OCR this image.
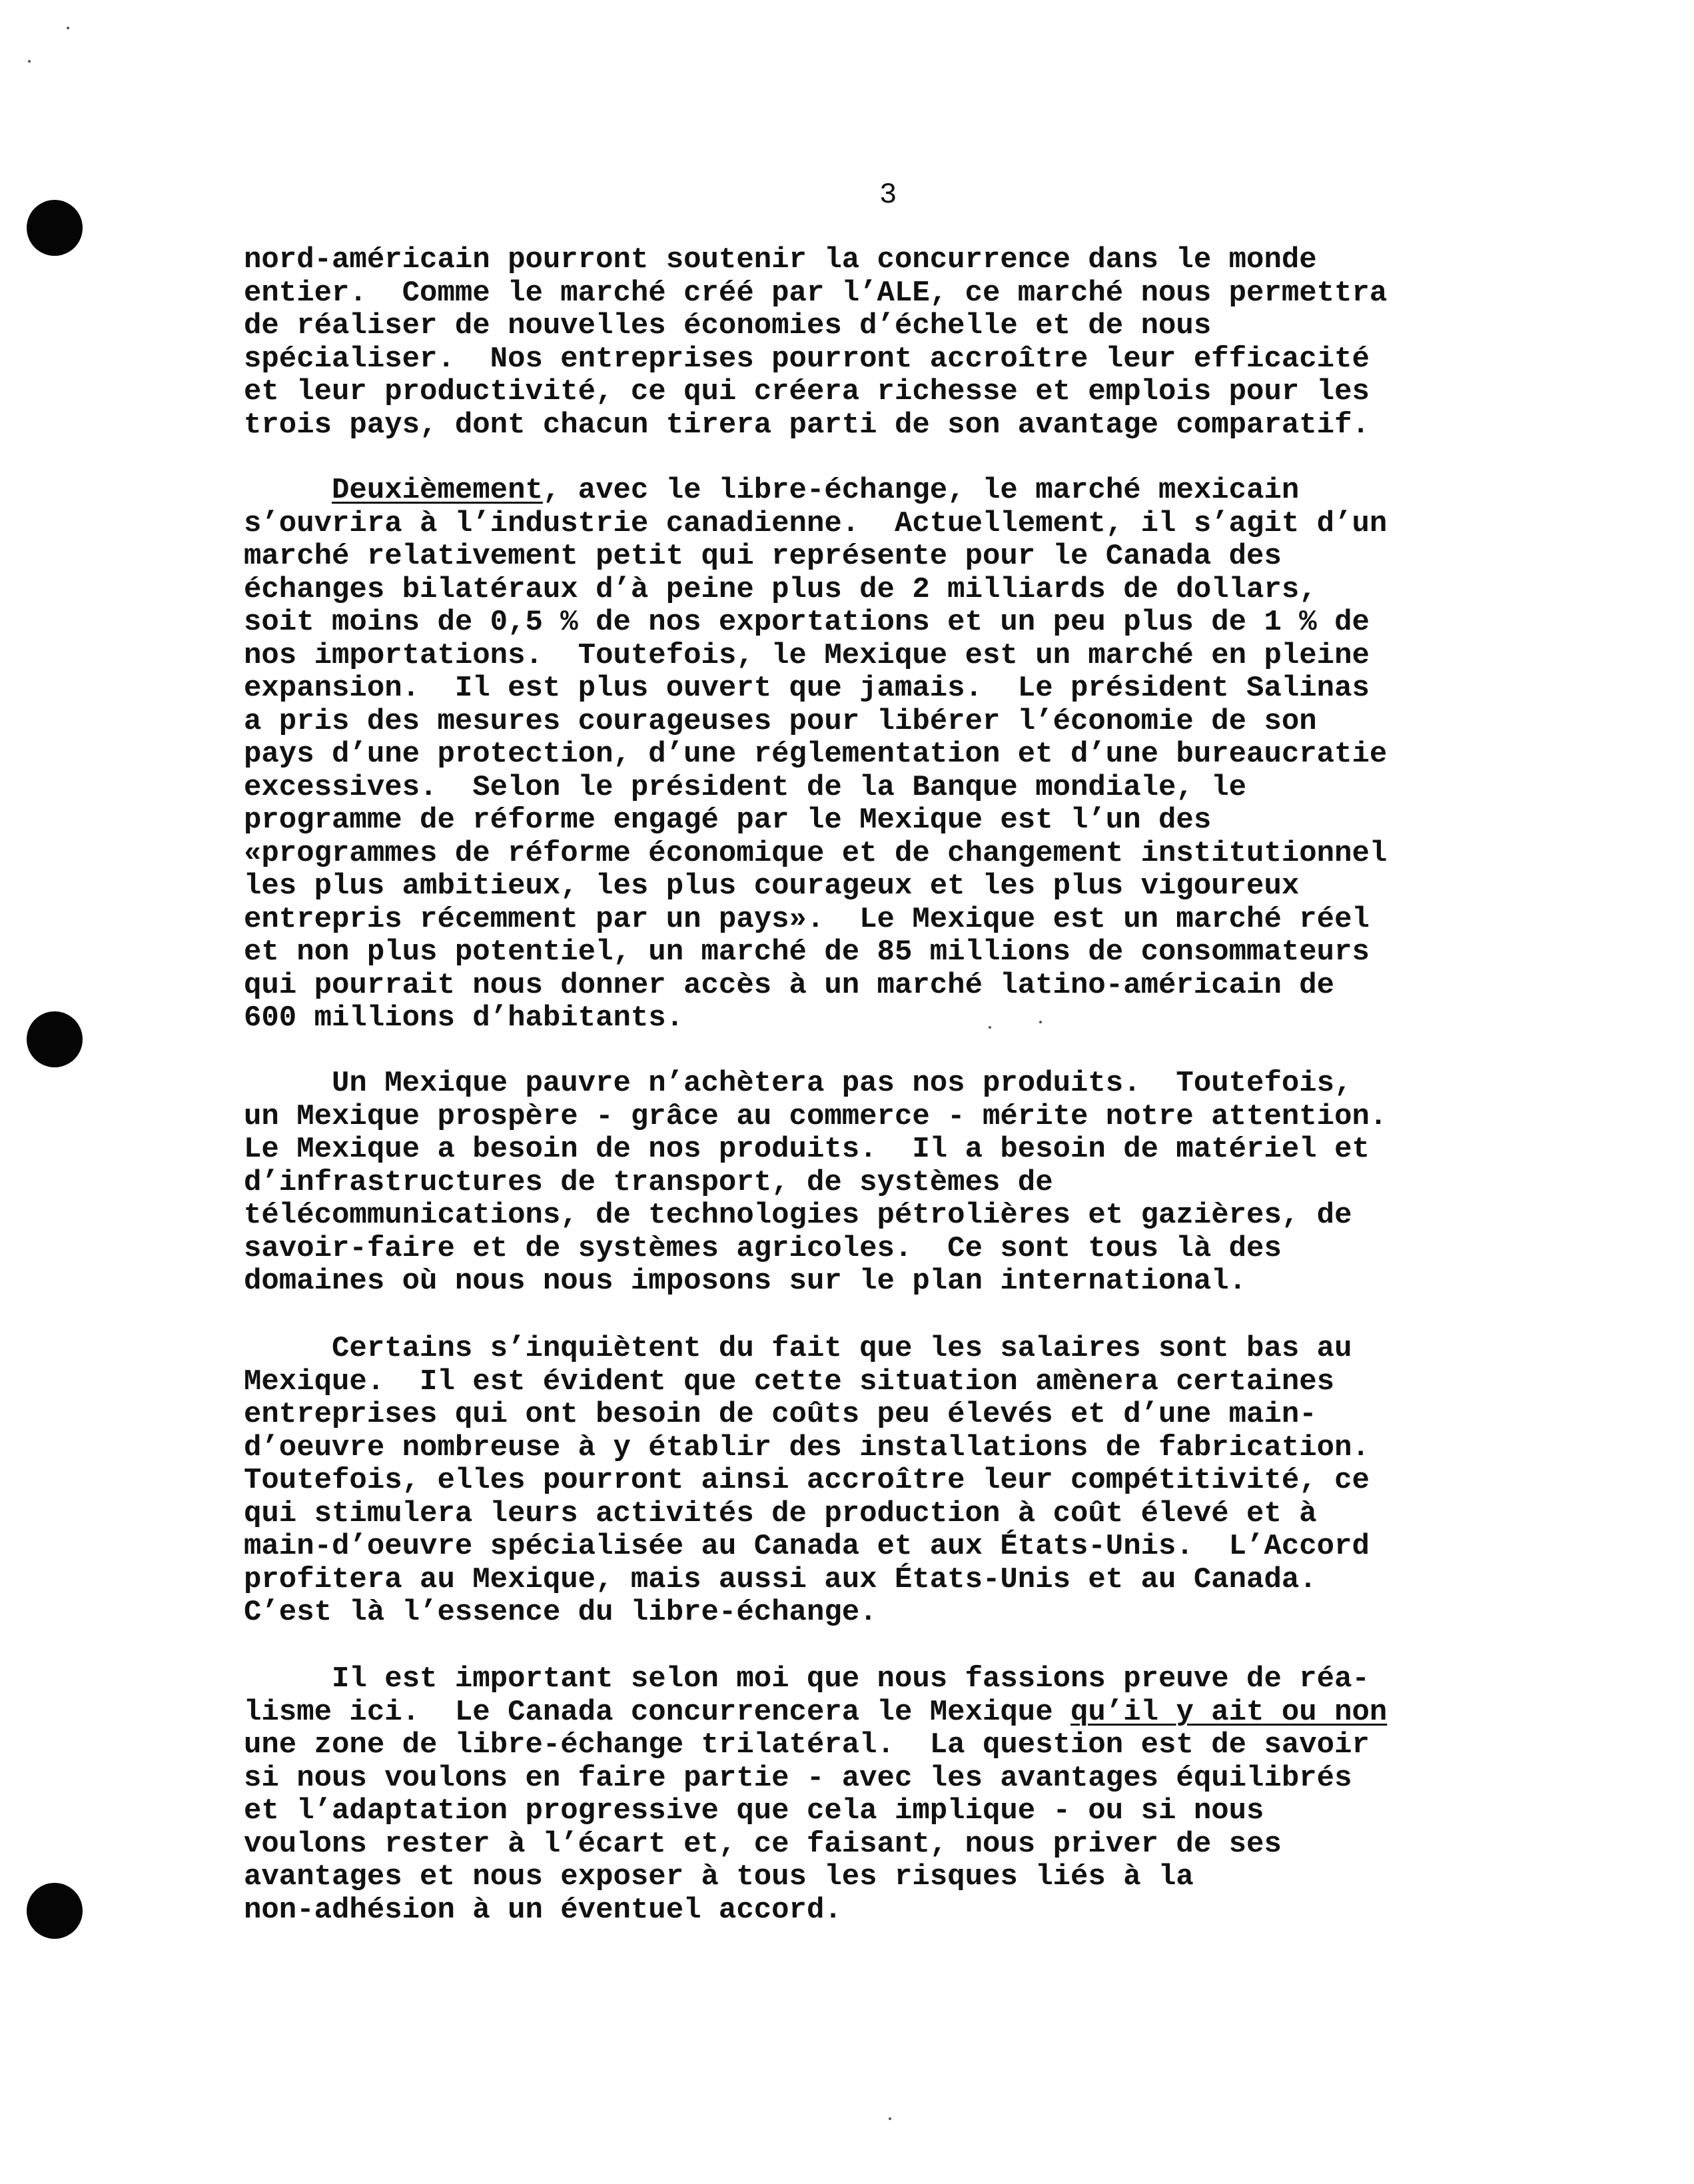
3
nord-américain pourront soutenir la concurrence dans le monde
entier.  Comme le marché créé par l’ALE, ce marché nous permettra
de réaliser de nouvelles économies d’échelle et de nous
spécialiser.  Nos entreprises pourront accroître leur efficacité
et leur productivité, ce qui créera richesse et emplois pour les
trois pays, dont chacun tirera parti de son avantage comparatif.
Deuxièmement, avec le libre-échange, le marché mexicain
s’ouvrira à l’industrie canadienne.  Actuellement, il s’agit d’un
marché relativement petit qui représente pour le Canada des
échanges bilatéraux d’à peine plus de 2 milliards de dollars,
soit moins de 0,5 % de nos exportations et un peu plus de 1 % de
nos importations.  Toutefois, le Mexique est un marché en pleine
expansion.  Il est plus ouvert que jamais.  Le président Salinas
a pris des mesures courageuses pour libérer l’économie de son
pays d’une protection, d’une réglementation et d’une bureaucratie
excessives.  Selon le président de la Banque mondiale, le
programme de réforme engagé par le Mexique est l’un des
«programmes de réforme économique et de changement institutionnel
les plus ambitieux, les plus courageux et les plus vigoureux
entrepris récemment par un pays».  Le Mexique est un marché réel
et non plus potentiel, un marché de 85 millions de consommateurs
qui pourrait nous donner accès à un marché latino-américain de
600 millions d’habitants.
Un Mexique pauvre n’achètera pas nos produits.  Toutefois,
un Mexique prospère - grâce au commerce - mérite notre attention.
Le Mexique a besoin de nos produits.  Il a besoin de matériel et
d’infrastructures de transport, de systèmes de
télécommunications, de technologies pétrolières et gazières, de
savoir-faire et de systèmes agricoles.  Ce sont tous là des
domaines où nous nous imposons sur le plan international.
Certains s’inquiètent du fait que les salaires sont bas au
Mexique.  Il est évident que cette situation amènera certaines
entreprises qui ont besoin de coûts peu élevés et d’une main-
d’oeuvre nombreuse à y établir des installations de fabrication.
Toutefois, elles pourront ainsi accroître leur compétitivité, ce
qui stimulera leurs activités de production à coût élevé et à
main-d’oeuvre spécialisée au Canada et aux États-Unis.  L’Accord
profitera au Mexique, mais aussi aux États-Unis et au Canada.
C’est là l’essence du libre-échange.
Il est important selon moi que nous fassions preuve de réa-
lisme ici.  Le Canada concurrencera le Mexique qu’il y ait ou non
une zone de libre-échange trilatéral.  La question est de savoir
si nous voulons en faire partie - avec les avantages équilibrés
et l’adaptation progressive que cela implique - ou si nous
voulons rester à l’écart et, ce faisant, nous priver de ses
avantages et nous exposer à tous les risques liés à la
non-adhésion à un éventuel accord.
